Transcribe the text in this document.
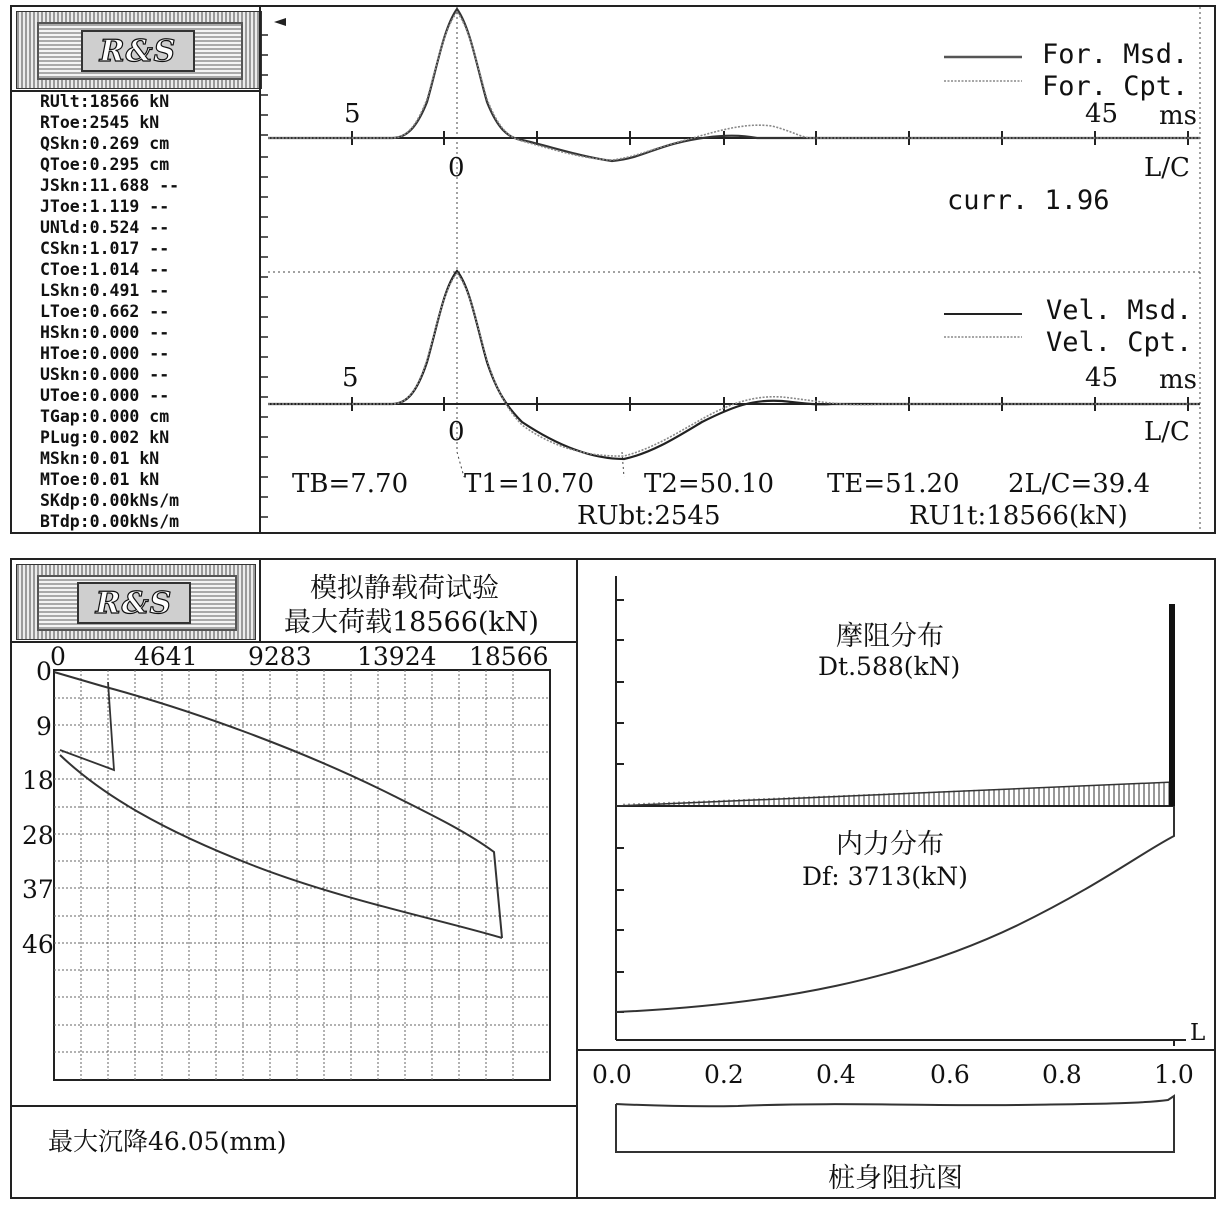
R&S
RUlt:18566 kN
RToe:2545 kN
QSkn:0.269 cm
QToe:0.295 cm
JSkn:11.688 --
JToe:1.119 --
UNld:0.524 --
CSkn:1.017 --
CToe:1.014 --
LSkn:0.491 --
LToe:0.662 --
HSkn:0.000 --
HToe:0.000 --
USkn:0.000 --
UToe:0.000 --
TGap:0.000 cm
PLug:0.002 kN
MSkn:0.01 kN
MToe:0.01 kN
SKdp:0.00kNs/m
BTdp:0.00kNs/m
For. Msd.
For. Cpt.
5	45 ms
0	L/C
curr. 1.96
Vel. Msd.
Vel. Cpt.
5	45 ms
0	L/C
TB=7.70 T1=10.70 T2=50.10 TE=51.20 2L/C=39.4
RUbt:2545	RU1t:18566(kN)
R&S	模拟静载荷试验
最大荷载18566(kN)
0	4641 9283 13924 18566
0
9
18
28
37
46
最大沉降46.05(mm)
摩阻分布
Dt.588(kN)
内力分布
Df: 3713(kN)
L
0.0	0.2	0.4	0.6	0.8	1.0
桩身阻抗图
